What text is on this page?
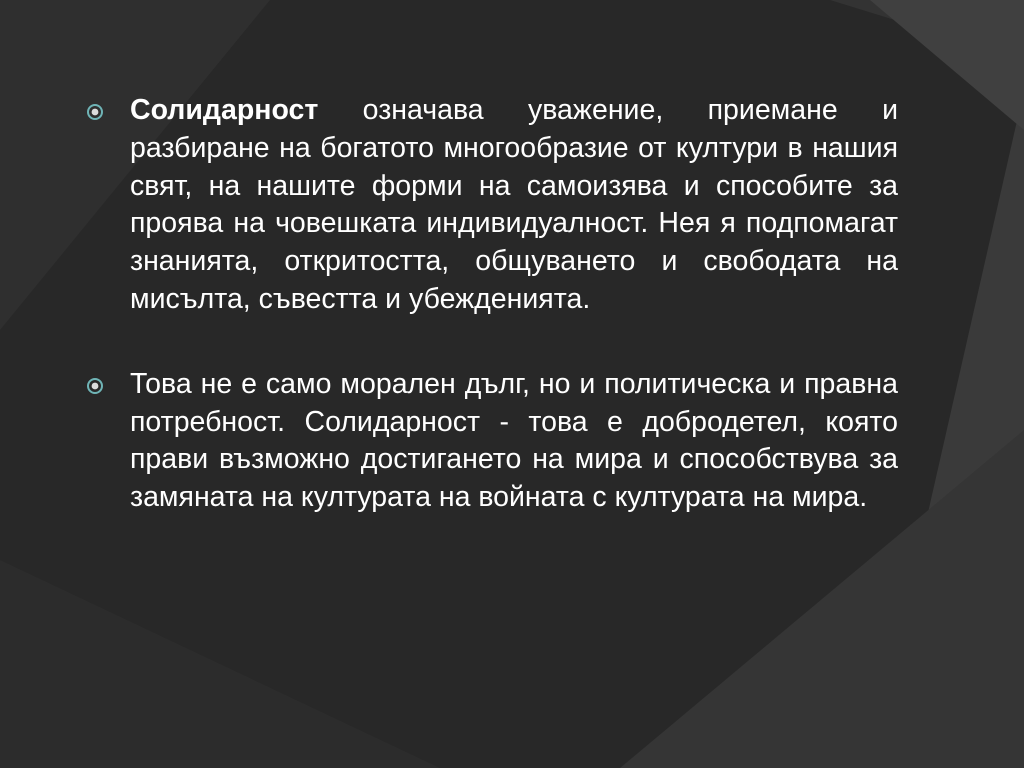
Солидарност означава уважение, приемане и разбиране на богатото многообразие от култури в нашия свят, на нашите форми на самоизява и способите за проява на човешката индивидуалност. Нея я подпомагат знанията, откритостта, общуването и свободата на мисълта, съвестта и убежденията.

Това не е само морален дълг, но и политическа и правна потребност. Солидарност - това е добродетел, която прави възможно достигането на мира и способствува за замяната на културата на войната с културата на мира.
